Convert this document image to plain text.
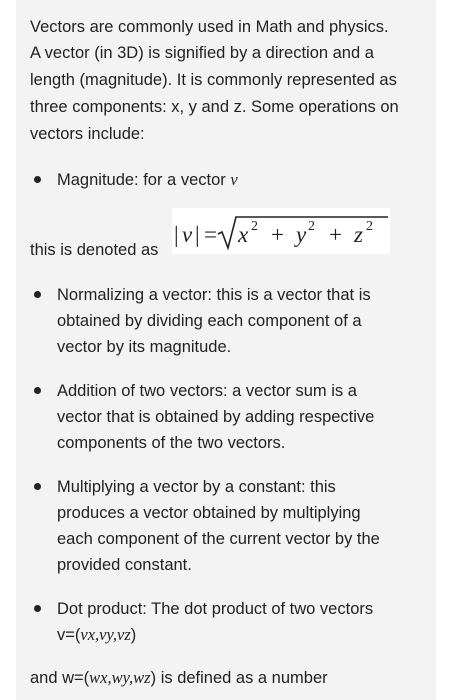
Vectors are commonly used in Math and physics.
A vector (in 3D) is signified by a direction and a
length (magnitude). It is commonly represented as
three components: x, y and z. Some operations on
vectors include:
Magnitude: for a vector v
this is denoted as
| v | = x 2 + y 2 + z 2
Normalizing a vector: this is a vector that is
obtained by dividing each component of a
vector by its magnitude.
Addition of two vectors: a vector sum is a
vector that is obtained by adding respective
components of the two vectors.
Multiplying a vector by a constant: this
produces a vector obtained by multiplying
each component of the current vector by the
provided constant.
Dot product: The dot product of two vectors
v=(vx,vy,vz)
and w=(wx,wy,wz) is defined as a number
